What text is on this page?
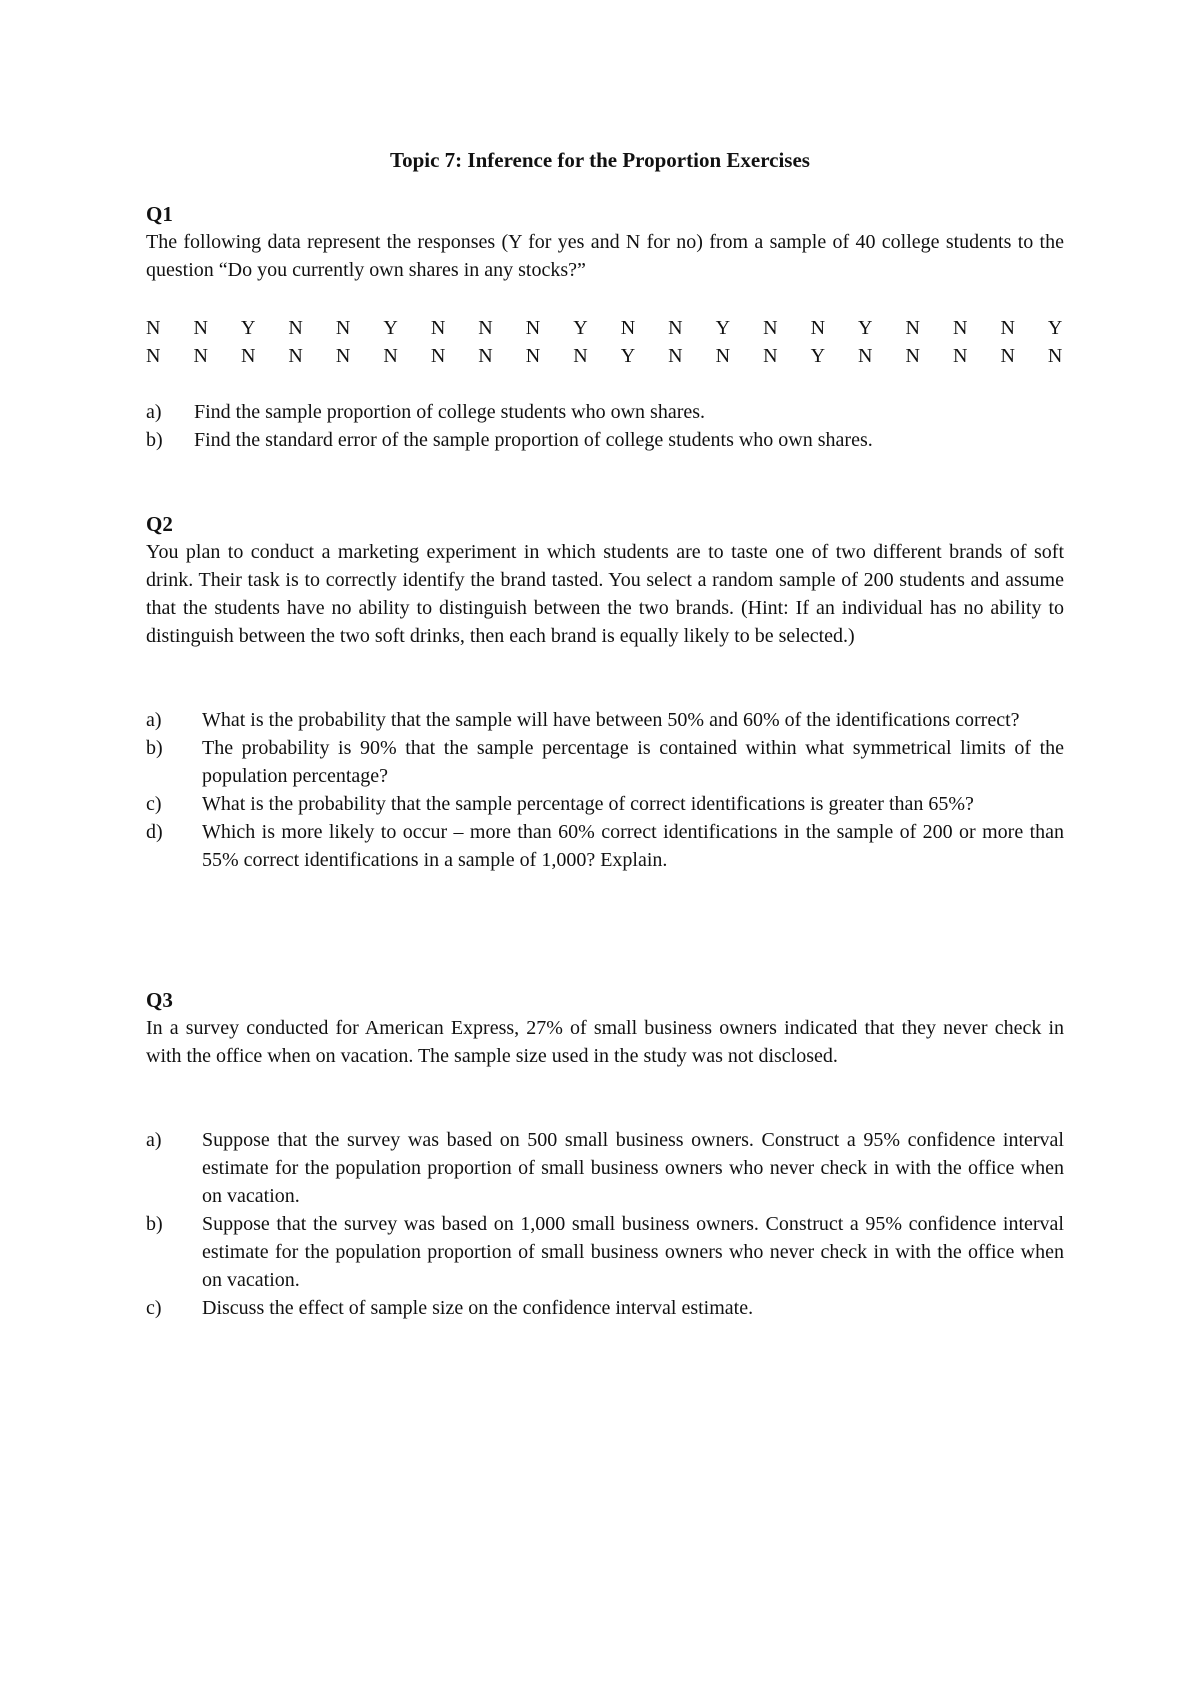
Topic 7: Inference for the Proportion Exercises
Q1

The following data represent the responses (Y for yes and N for no) from a sample of 40 college students to the question “Do you currently own shares in any stocks?”

N N Y N N Y N N N Y N N Y N N Y N N N Y
N N N N N N N N N N Y N N N Y N N N N N
a)	Find the sample proportion of college students who own shares.
b)	Find the standard error of the sample proportion of college students who own shares.
Q2

You plan to conduct a marketing experiment in which students are to taste one of two different brands of soft drink. Their task is to correctly identify the brand tasted. You select a random sample of 200 students and assume that the students have no ability to distinguish between the two brands. (Hint: If an individual has no ability to distinguish between the two soft drinks, then each brand is equally likely to be selected.)

a)	What is the probability that the sample will have between 50% and 60% of the identifications correct?
b)	The probability is 90% that the sample percentage is contained within what symmetrical limits of the population percentage?
c)	What is the probability that the sample percentage of correct identifications is greater than 65%?
d)	Which is more likely to occur – more than 60% correct identifications in the sample of 200 or more than 55% correct identifications in a sample of 1,000? Explain.
Q3

In a survey conducted for American Express, 27% of small business owners indicated that they never check in with the office when on vacation. The sample size used in the study was not disclosed.

a)	Suppose that the survey was based on 500 small business owners. Construct a 95% confidence interval estimate for the population proportion of small business owners who never check in with the office when on vacation.
b)	Suppose that the survey was based on 1,000 small business owners. Construct a 95% confidence interval estimate for the population proportion of small business owners who never check in with the office when on vacation.
c)	Discuss the effect of sample size on the confidence interval estimate.
